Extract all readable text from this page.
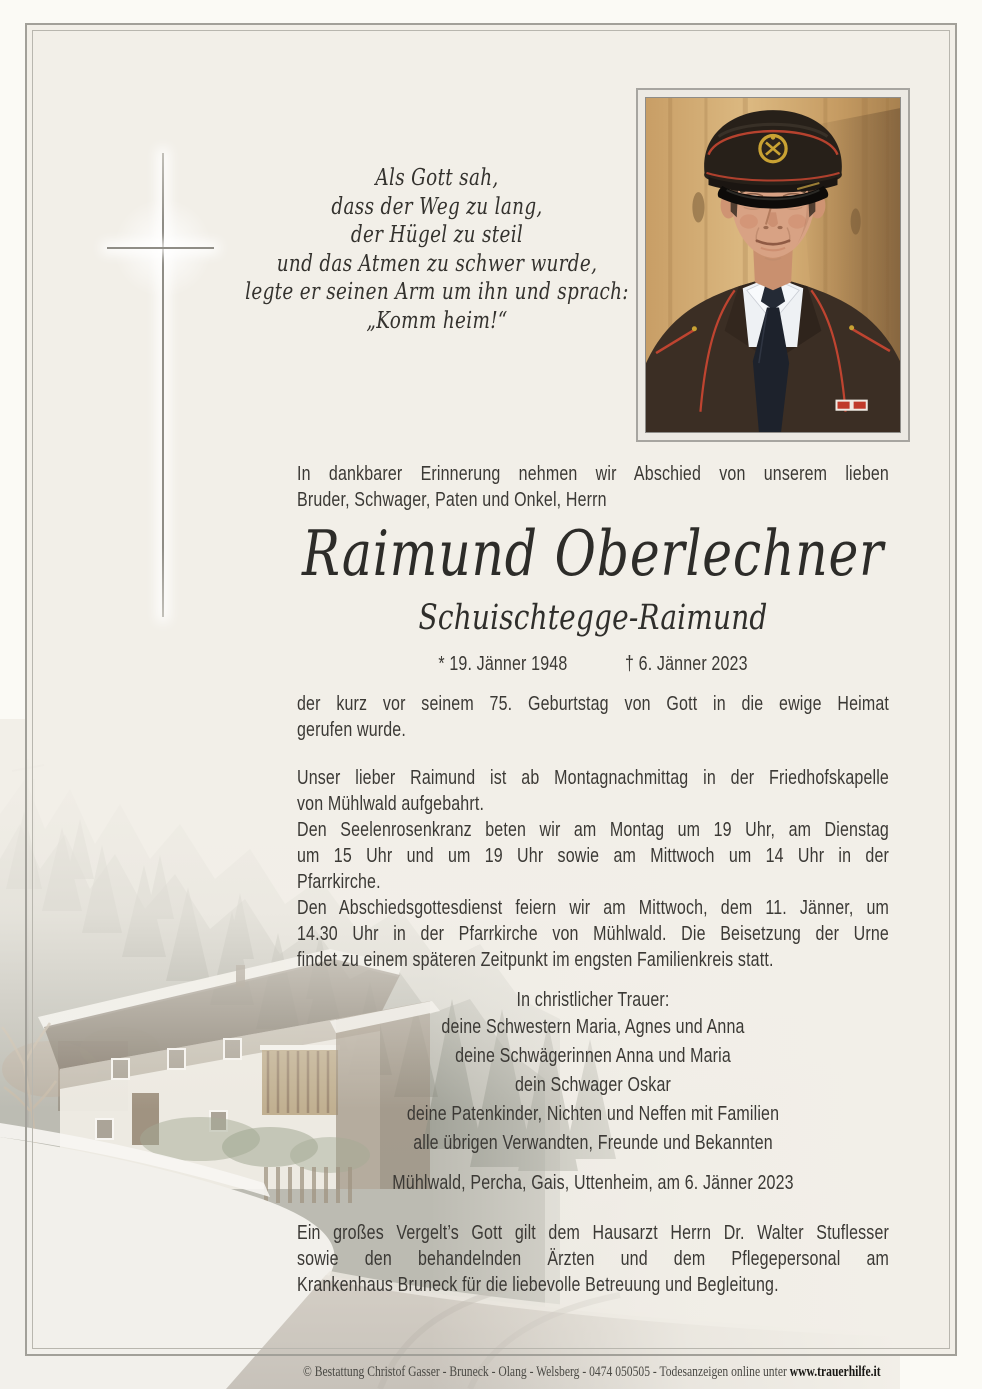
Als Gott sah,
dass der Weg zu lang,
der Hügel zu steil
und das Atmen zu schwer wurde,
legte er seinen Arm um ihn und sprach:
„Komm heim!“
In dankbarer Erinnerung nehmen wir Abschied von unserem lieben
Bruder, Schwager, Paten und Onkel, Herrn
Raimund Oberlechner
Schuischtegge-Raimund
* 19. Jänner 1948	† 6. Jänner 2023
der kurz vor seinem 75. Geburtstag von Gott in die ewige Heimat
gerufen wurde.
Unser lieber Raimund ist ab Montagnachmittag in der Friedhofskapelle
von Mühlwald aufgebahrt.
Den Seelenrosenkranz beten wir am Montag um 19 Uhr, am Dienstag
um 15 Uhr und um 19 Uhr sowie am Mittwoch um 14 Uhr in der
Pfarrkirche.
Den Abschiedsgottesdienst feiern wir am Mittwoch, dem 11. Jänner, um
14.30 Uhr in der Pfarrkirche von Mühlwald. Die Beisetzung der Urne
findet zu einem späteren Zeitpunkt im engsten Familienkreis statt.
In christlicher Trauer:
deine Schwestern Maria, Agnes und Anna
deine Schwägerinnen Anna und Maria
dein Schwager Oskar
deine Patenkinder, Nichten und Neffen mit Familien
alle übrigen Verwandten, Freunde und Bekannten
Mühlwald, Percha, Gais, Uttenheim, am 6. Jänner 2023
Ein großes Vergelt’s Gott gilt dem Hausarzt Herrn Dr. Walter Stuflesser
sowie den behandelnden Ärzten und dem Pflegepersonal am
Krankenhaus Bruneck für die liebevolle Betreuung und Begleitung.
© Bestattung Christof Gasser - Bruneck - Olang - Welsberg - 0474 050505 - Todesanzeigen online unter www.trauerhilfe.it
